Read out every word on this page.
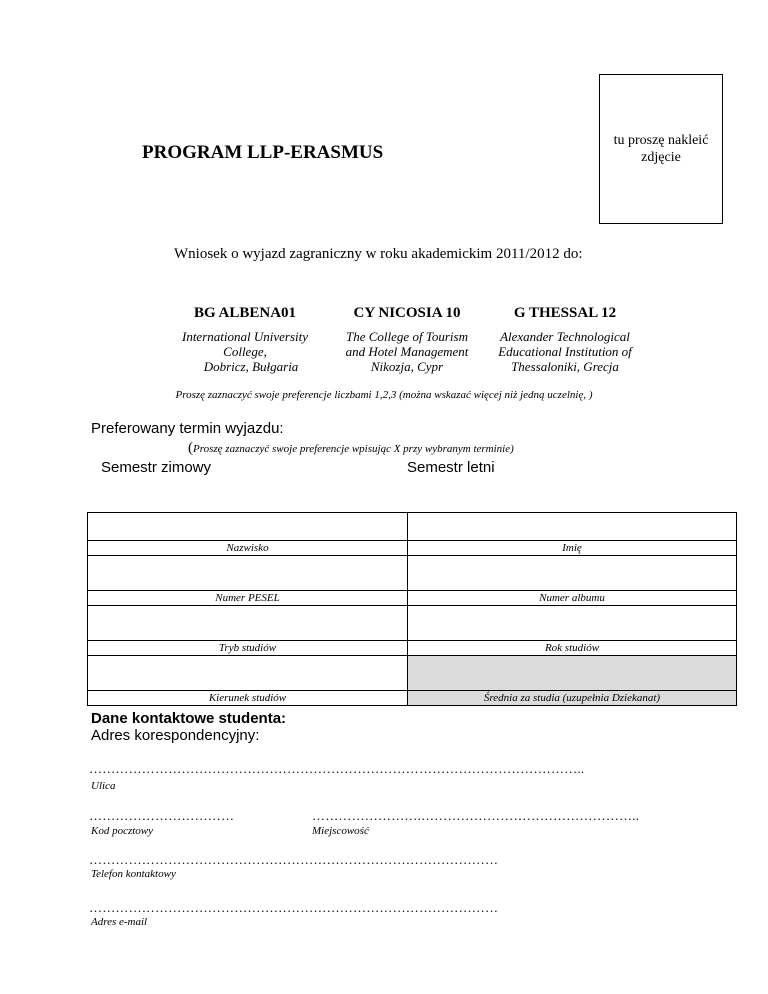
tu proszę nakleić
zdjęcie
PROGRAM LLP-ERASMUS
Wniosek o wyjazd zagraniczny w roku akademickim 2011/2012 do:
BG ALBENA01
International University
College,
Dobricz, Bułgaria
CY NICOSIA 10
The College of Tourism
and Hotel Management
Nikozja, Cypr
G THESSAL 12
Alexander Technological
Educational Institution of
Thessaloniki, Grecja
Proszę zaznaczyć swoje preferencje liczbami 1,2,3 (można wskazać więcej niż jedną uczelnię, )
Preferowany termin wyjazdu:
(Proszę zaznaczyć swoje preferencje wpisując X przy wybranym terminie)
Semestr zimowy	Semestr letni

Nazwisko	Imię

Numer PESEL	Numer albumu

Tryb studiów	Rok studiów

Kierunek studiów	Średnia za studia (uzupełnia Dziekanat)
Dane kontaktowe studenta:
Adres korespondencyjny:
…………………………………………………………………………………………………..
Ulica
……………………………
Kod pocztowy
…………………….…………………………………………..
Miejscowość
…………………………………………………………………………………
Telefon kontaktowy
…………………………………………………………………………………
Adres e-mail
